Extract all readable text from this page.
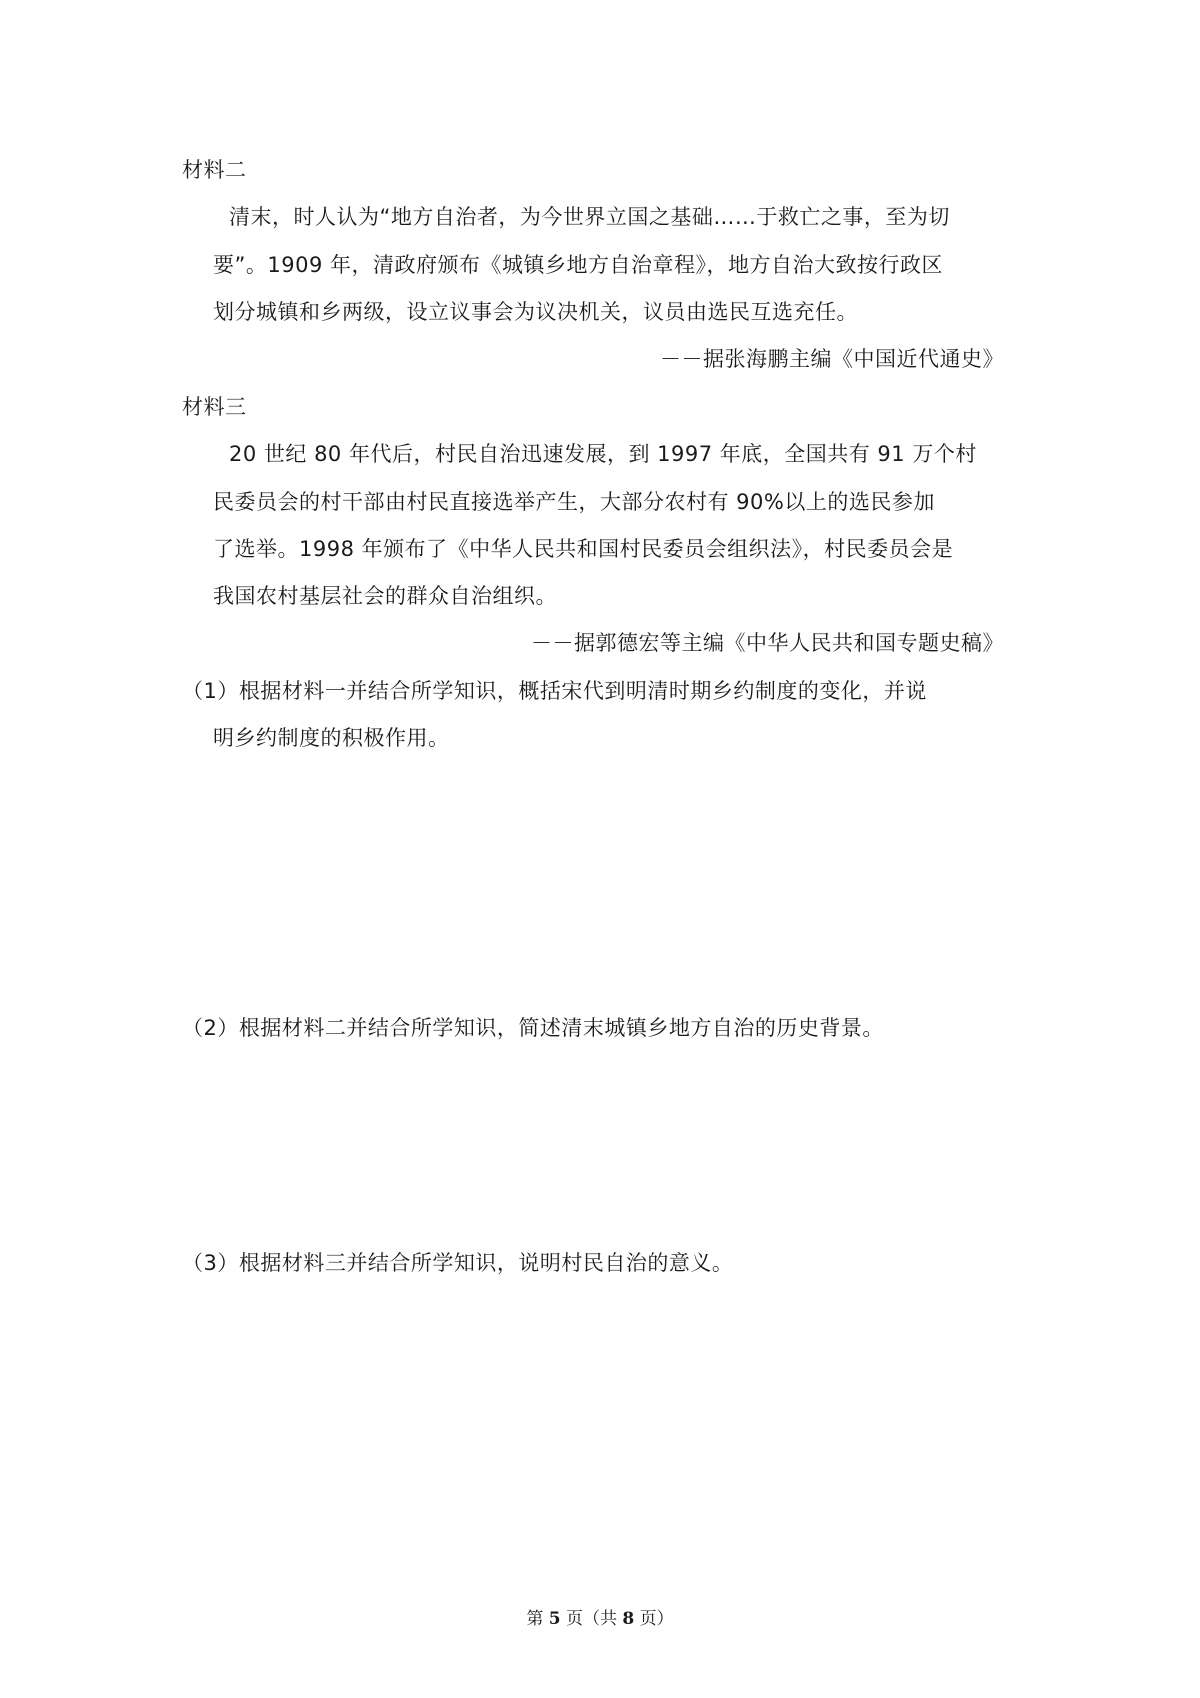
材料二
清末，时人认为“地方自治者，为今世界立国之基础……于救亡之事，至为切
要”。1909 年，清政府颁布《城镇乡地方自治章程》，地方自治大致按行政区
划分城镇和乡两级，设立议事会为议决机关，议员由选民互选充任。
－－据张海鹏主编《中国近代通史》
材料三
20 世纪 80 年代后，村民自治迅速发展，到 1997 年底，全国共有 91 万个村
民委员会的村干部由村民直接选举产生，大部分农村有 90%以上的选民参加
了选举。1998 年颁布了《中华人民共和国村民委员会组织法》，村民委员会是
我国农村基层社会的群众自治组织。
－－据郭德宏等主编《中华人民共和国专题史稿》
（1）根据材料一并结合所学知识，概括宋代到明清时期乡约制度的变化，并说
明乡约制度的积极作用。
（2）根据材料二并结合所学知识，简述清末城镇乡地方自治的历史背景。
（3）根据材料三并结合所学知识，说明村民自治的意义。
第 5 页（共 8 页）
